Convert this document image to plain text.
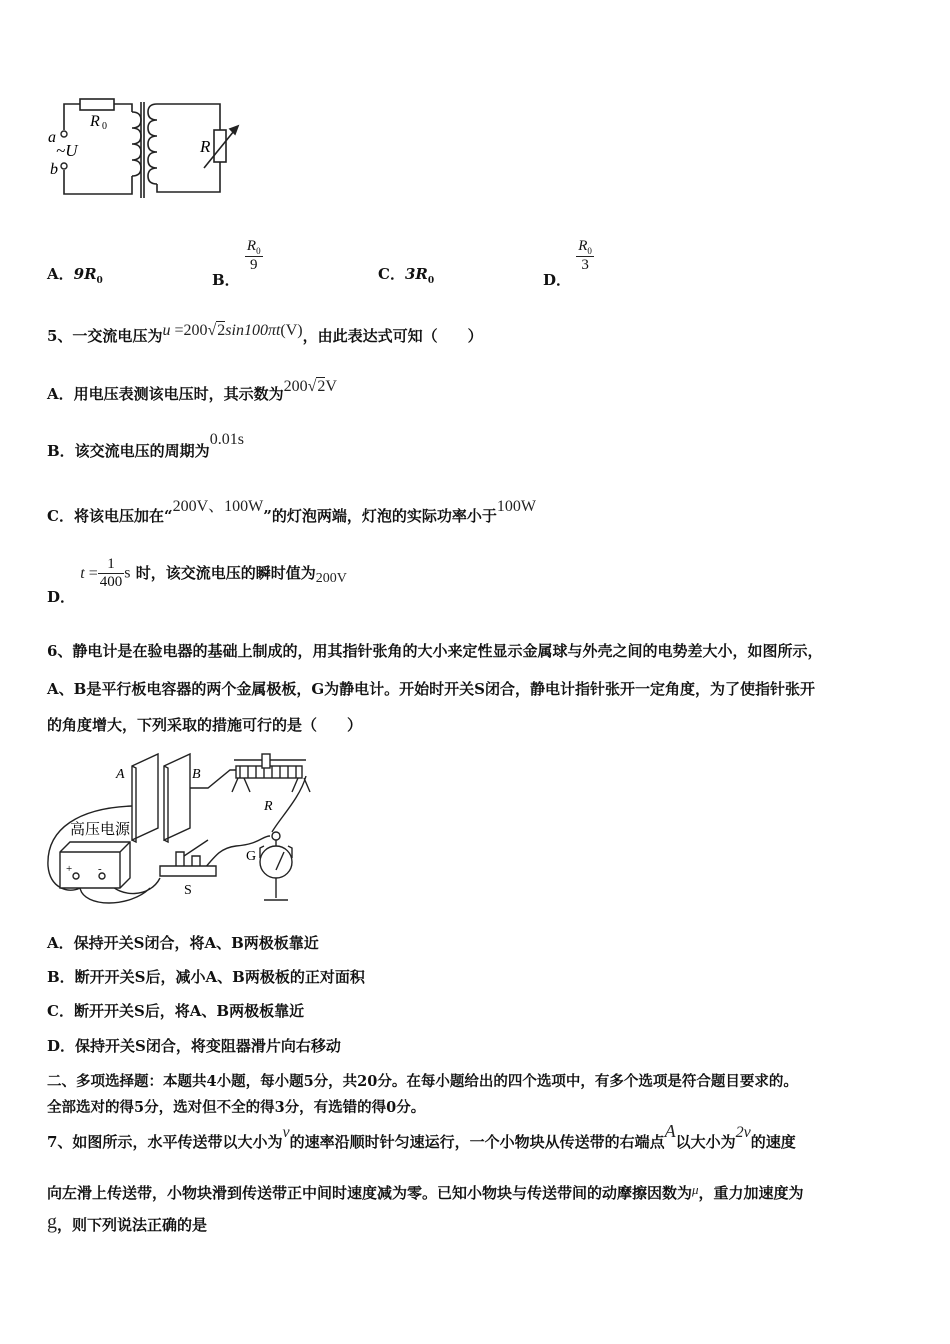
a
b
~U
R 0
R
A．$9R_0$	B．
$\frac{R_0}{9}$	C．$3R_0$	D．
$\frac{R_0}{3}$
5、一交流电压为u =200√2sin100πt(V)，由此表达式可知（　　）
A．用电压表测该电压时，其示数为200√2V
B．该交流电压的周期为0.01s
C．将该电压加在“200V、100W”的灯泡两端，灯泡的实际功率小于100W
D． $t = \frac{1}{400}$ s 时，该交流电压的瞬时值为200V
6、静电计是在验电器的基础上制成的，用其指针张角的大小来定性显示金属球与外壳之间的电势差大小，如图所示，
A、B是平行板电容器的两个金属极板，G为静电计。开始时开关S闭合，静电计指针张开一定角度，为了使指针张开
的角度增大，下列采取的措施可行的是（　　）
A	B
R
G
S
高压电源
+ -
A．保持开关S闭合，将A、B两极板靠近
B．断开开关S后，减小A、B两极板的正对面积
C．断开开关S后，将A、B两极板靠近
D．保持开关S闭合，将变阻器滑片向右移动
二、多项选择题：本题共4小题，每小题5分，共20分。在每小题给出的四个选项中，有多个选项是符合题目要求的。
全部选对的得5分，选对但不全的得3分，有选错的得0分。
7、如图所示，水平传送带以大小为v的速率沿顺时针匀速运行，一个小物块从传送带的右端点A以大小为2v的速度
向左滑上传送带，小物块滑到传送带正中间时速度减为零。已知小物块与传送带间的动摩擦因数为μ，重力加速度为
g，则下列说法正确的是
